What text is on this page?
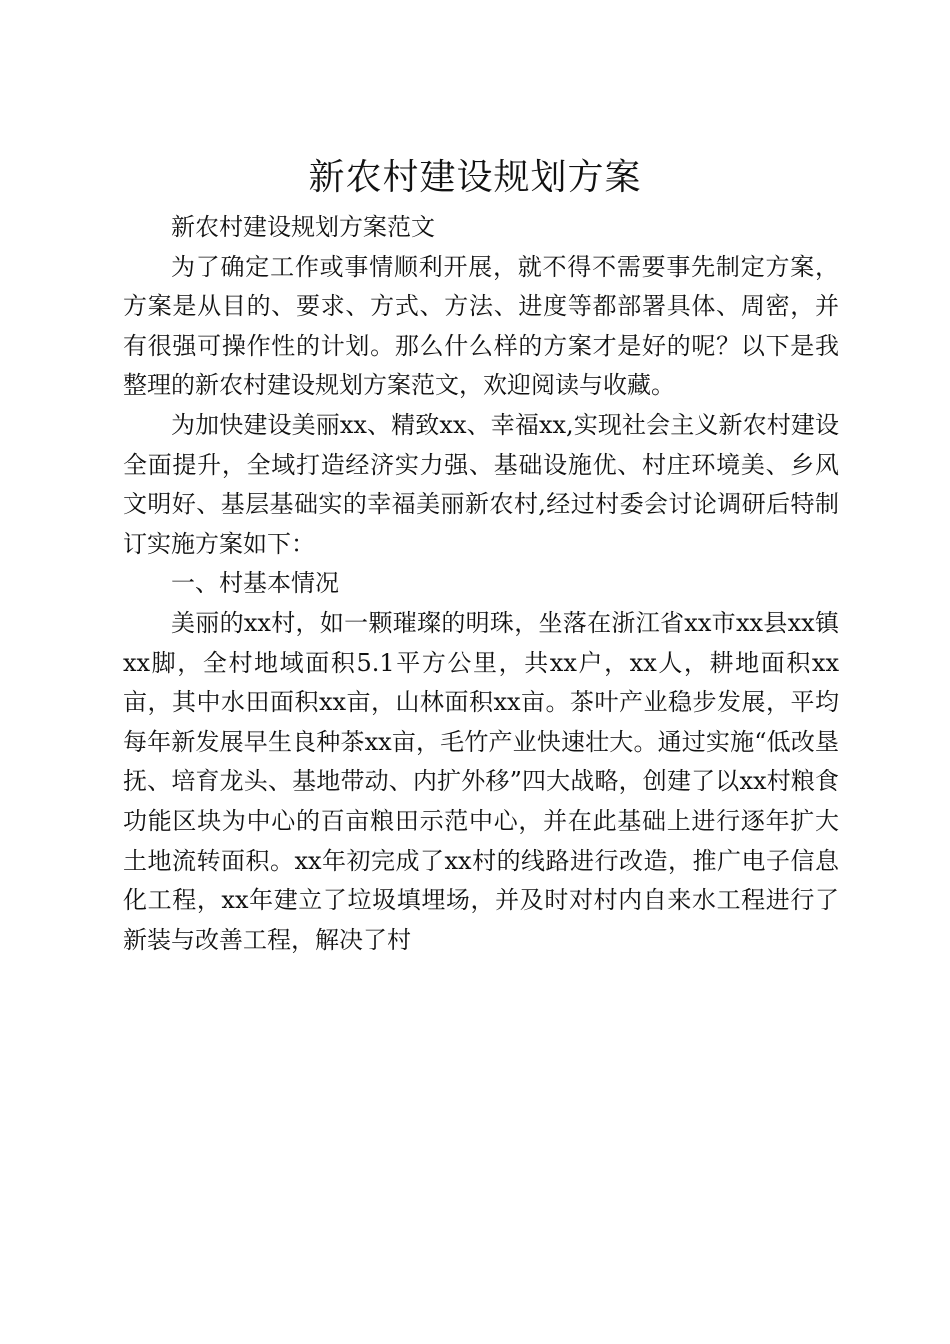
新农村建设规划方案

新农村建设规划方案范文

为了确定工作或事情顺利开展，就不得不需要事先制定方案，方案是从目的、要求、方式、方法、进度等都部署具体、周密，并有很强可操作性的计划。那么什么样的方案才是好的呢？以下是我整理的新农村建设规划方案范文，欢迎阅读与收藏。

为加快建设美丽xx、精致xx、幸福xx,实现社会主义新农村建设全面提升，全域打造经济实力强、基础设施优、村庄环境美、乡风文明好、基层基础实的幸福美丽新农村,经过村委会讨论调研后特制订实施方案如下：

一、村基本情况

美丽的xx村，如一颗璀璨的明珠，坐落在浙江省xx市xx县xx镇xx脚，全村地域面积5.1平方公里，共xx户，xx人，耕地面积xx亩，其中水田面积xx亩，山林面积xx亩。茶叶产业稳步发展，平均每年新发展早生良种茶xx亩，毛竹产业快速壮大。通过实施“低改垦抚、培育龙头、基地带动、内扩外移”四大战略，创建了以xx村粮食功能区块为中心的百亩粮田示范中心，并在此基础上进行逐年扩大土地流转面积。xx年初完成了xx村的线路进行改造，推广电子信息化工程，xx年建立了垃圾填埋场，并及时对村内自来水工程进行了新装与改善工程，解决了村
